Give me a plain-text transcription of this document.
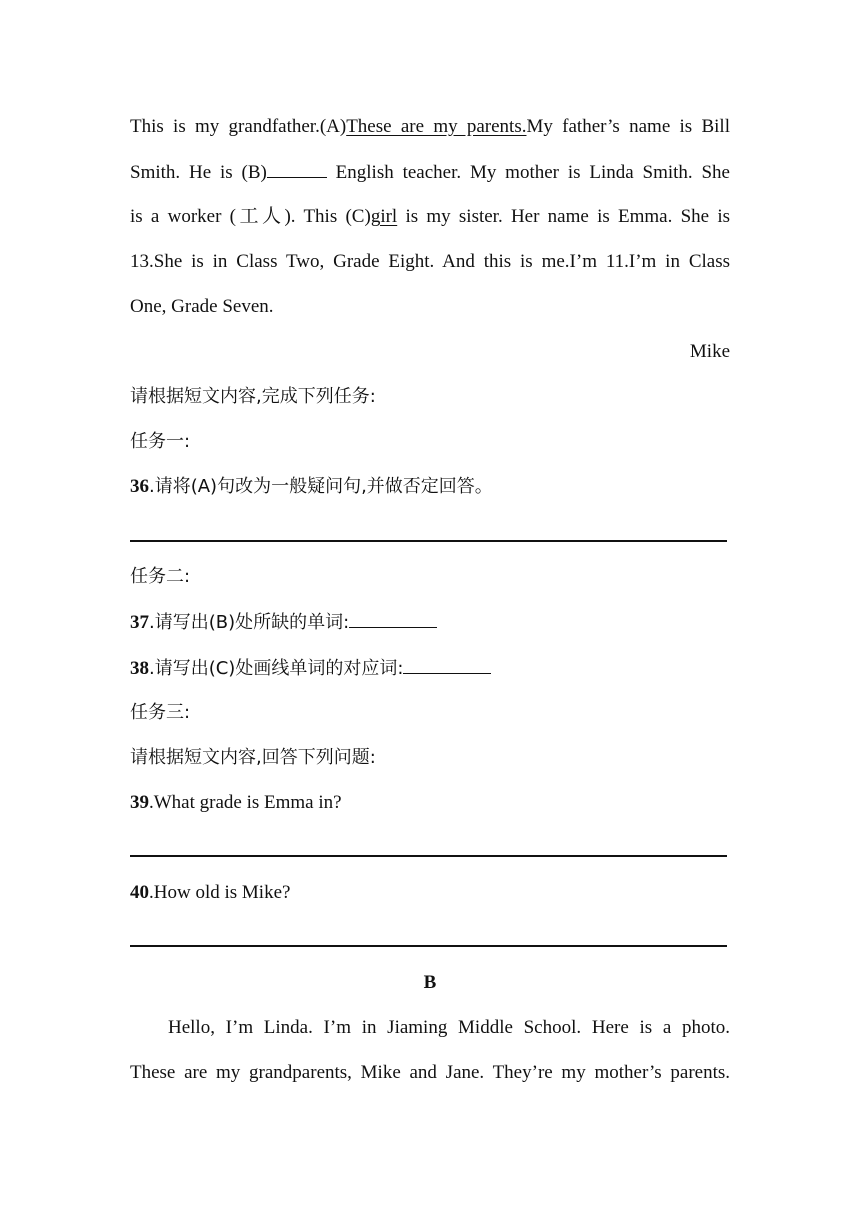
This is my grandfather.(A)These are my parents.My father’s name is Bill
Smith. He is (B)	English teacher. My mother is Linda Smith. She
is a worker (工人). This (C)girl is my sister. Her name is Emma. She is
13.She is in Class Two, Grade Eight. And this is me.I’m 11.I’m in Class
One, Grade Seven.
Mike
请根据短文内容,完成下列任务:
任务一:
36.请将(A)句改为一般疑问句,并做否定回答。
任务二:
37.请写出(B)处所缺的单词:
38.请写出(C)处画线单词的对应词:
任务三:
请根据短文内容,回答下列问题:
39.What grade is Emma in?
40.How old is Mike?
B
Hello, I’m Linda. I’m in Jiaming Middle School. Here is a photo.
These are my grandparents, Mike and Jane. They’re my mother’s parents.
